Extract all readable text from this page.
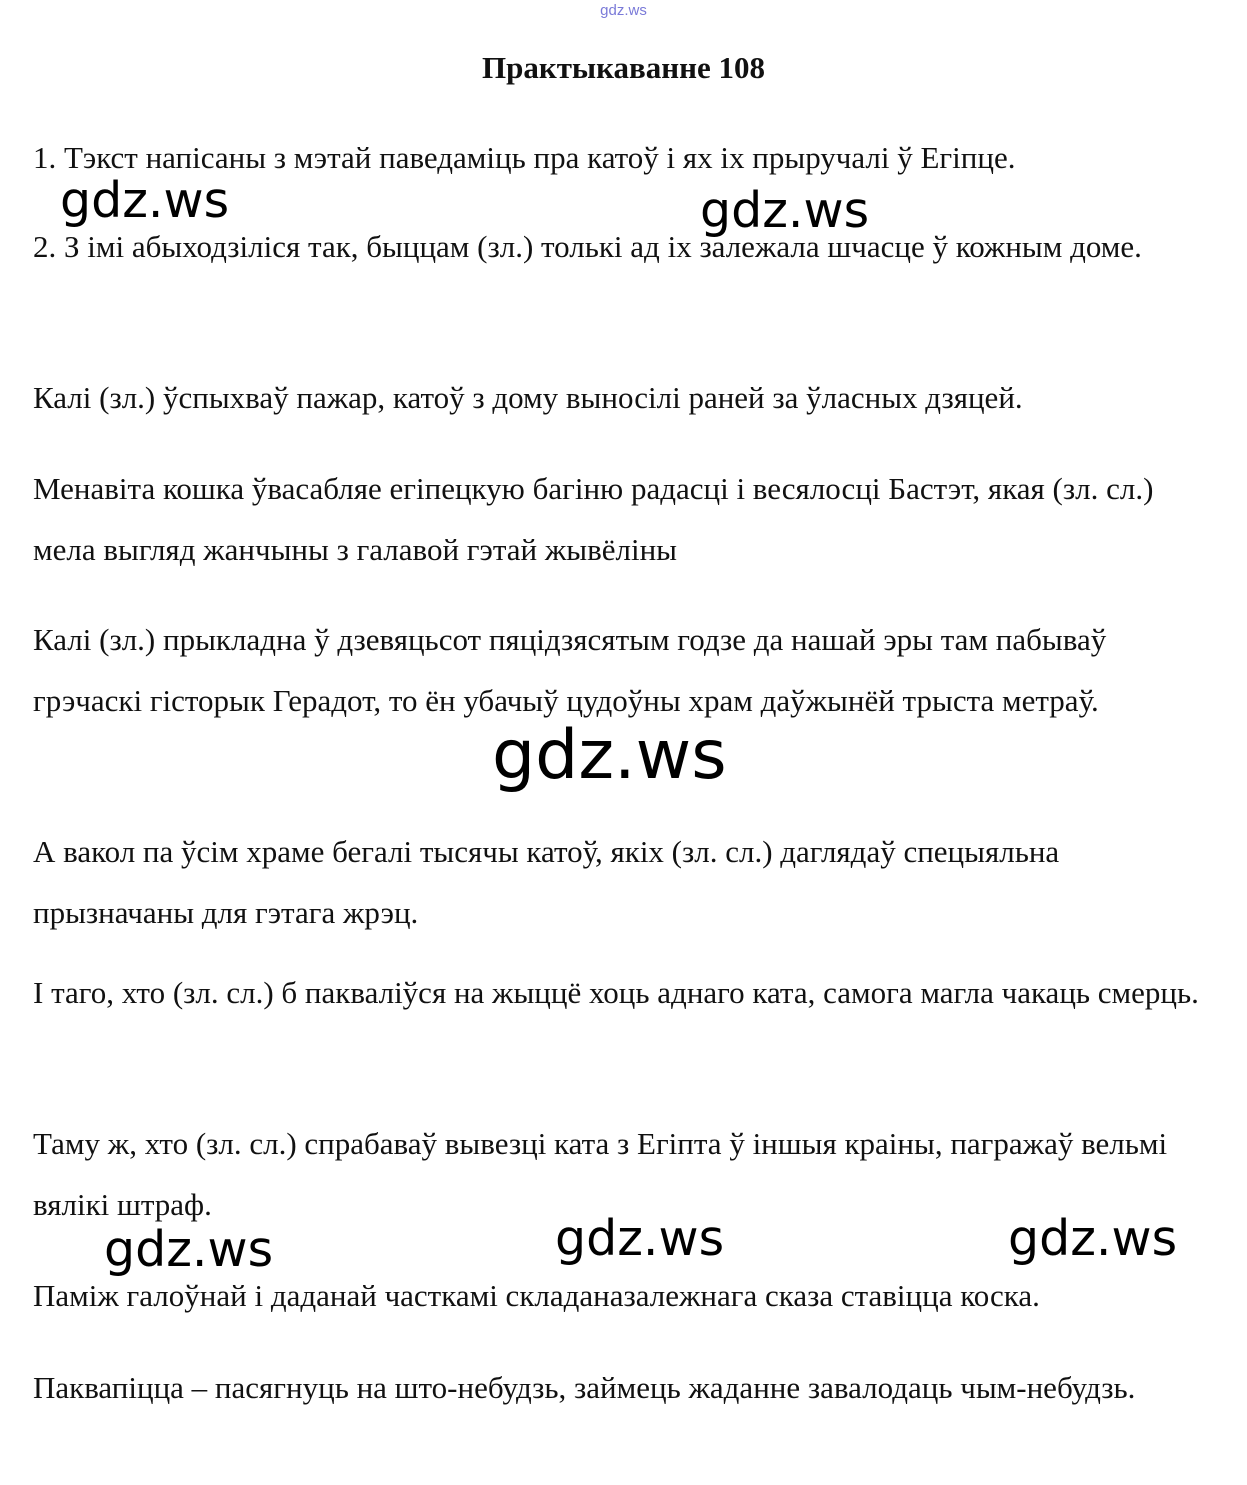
gdz.ws
Практыкаванне 108

1. Тэкст напісаны з мэтай паведаміць пра катоў і ях іх прыручалі ў Егіпце.

2. З імі абыходзіліся так, быццам (зл.) толькі ад іх залежала шчасце ў кожным доме.

Калі (зл.) ўспыхваў пажар, катоў з дому выносілі раней за ўласных дзяцей.

Менавіта кошка ўвасабляе егіпецкую багіню радасці і весялосці Бастэт, якая (зл. сл.) мела выгляд жанчыны з галавой гэтай жывёліны

Калі (зл.) прыкладна ў дзевяцьсот пяцідзясятым годзе да нашай эры там пабываў грэчаскі гісторык Герадот, то ён убачыў цудоўны храм даўжынёй трыста метраў.

А вакол па ўсім храме бегалі тысячы катоў, якіх (зл. сл.) даглядаў спецыяльна прызначаны для гэтага жрэц.

І таго, хто (зл. сл.) б пакваліўся на жыццё хоць аднаго ката, самога магла чакаць смерць.

Таму ж, хто (зл. сл.) спрабаваў вывезці ката з Егіпта ў іншыя краіны, пагражаў вельмі вялікі штраф.

Паміж галоўнай і даданай часткамі складаназалежнага сказа ставіцца коска.

Паквапіцца – пасягнуць на што-небудзь, займець жаданне завалодаць чым-небудзь.

gdz.ws	gdz.ws
gdz.ws
gdz.ws	gdz.ws	gdz.ws
